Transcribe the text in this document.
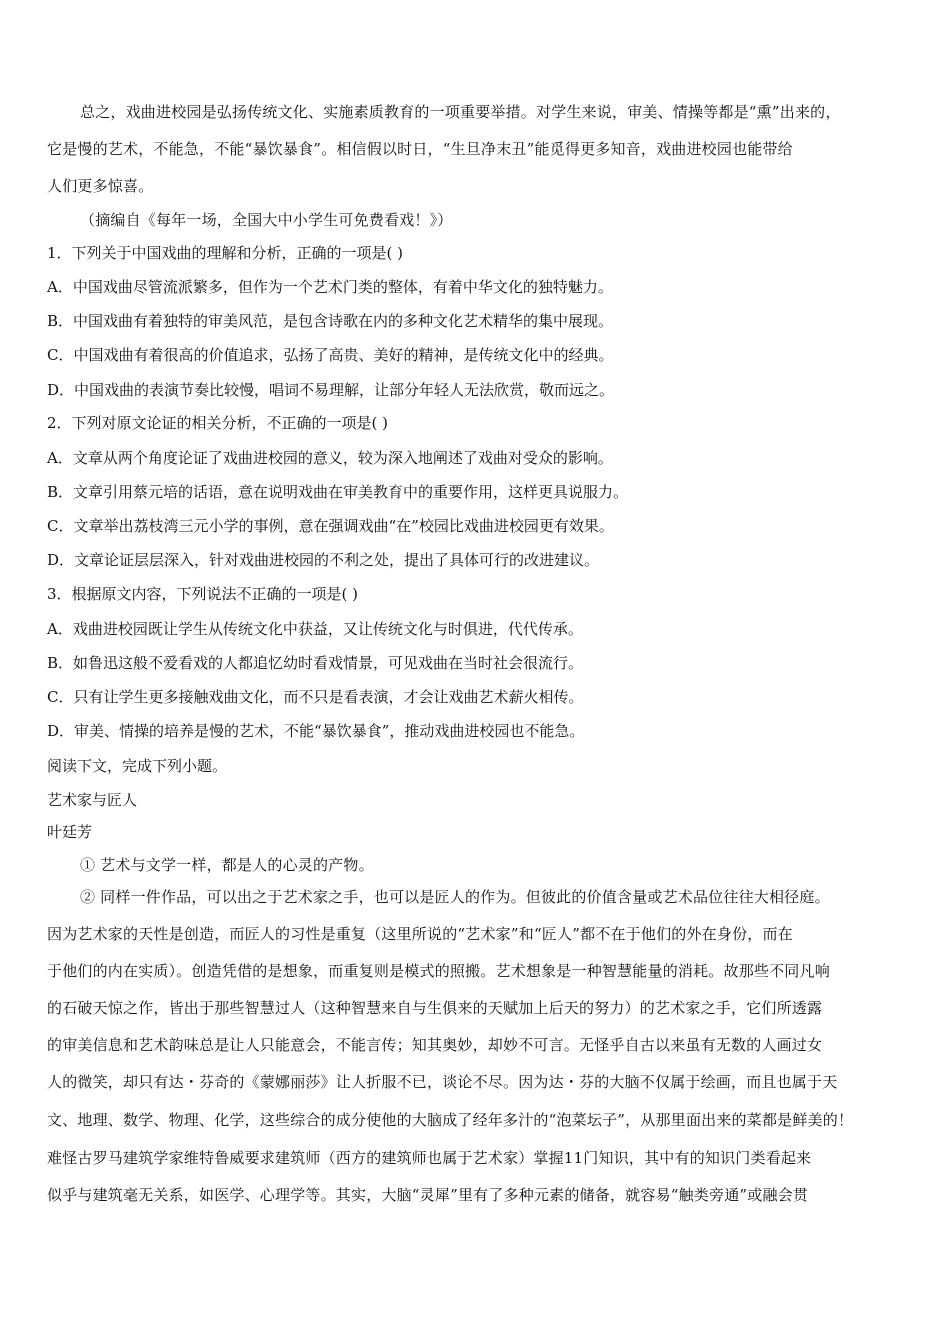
总之，戏曲进校园是弘扬传统文化、实施素质教育的一项重要举措。对学生来说，审美、情操等都是“熏”出来的，
它是慢的艺术，不能急，不能“暴饮暴食”。相信假以时日，“生旦净末丑”能觅得更多知音，戏曲进校园也能带给
人们更多惊喜。
（摘编自《每年一场，全国大中小学生可免费看戏！》）
1．下列关于中国戏曲的理解和分析，正确的一项是( )
A．中国戏曲尽管流派繁多，但作为一个艺术门类的整体，有着中华文化的独特魅力。
B．中国戏曲有着独特的审美风范，是包含诗歌在内的多种文化艺术精华的集中展现。
C．中国戏曲有着很高的价值追求，弘扬了高贵、美好的精神，是传统文化中的经典。
D．中国戏曲的表演节奏比较慢，唱词不易理解，让部分年轻人无法欣赏，敬而远之。
2．下列对原文论证的相关分析，不正确的一项是( )
A．文章从两个角度论证了戏曲进校园的意义，较为深入地阐述了戏曲对受众的影响。
B．文章引用蔡元培的话语，意在说明戏曲在审美教育中的重要作用，这样更具说服力。
C．文章举出荔枝湾三元小学的事例，意在强调戏曲“在”校园比戏曲进校园更有效果。
D．文章论证层层深入，针对戏曲进校园的不利之处，提出了具体可行的改进建议。
3．根据原文内容，下列说法不正确的一项是( )
A．戏曲进校园既让学生从传统文化中获益，又让传统文化与时俱进，代代传承。
B．如鲁迅这般不爱看戏的人都追忆幼时看戏情景，可见戏曲在当时社会很流行。
C．只有让学生更多接触戏曲文化，而不只是看表演，才会让戏曲艺术薪火相传。
D．审美、情操的培养是慢的艺术，不能“暴饮暴食”，推动戏曲进校园也不能急。
阅读下文，完成下列小题。
艺术家与匠人
叶廷芳
① 艺术与文学一样，都是人的心灵的产物。
② 同样一件作品，可以出之于艺术家之手，也可以是匠人的作为。但彼此的价值含量或艺术品位往往大相径庭。
因为艺术家的天性是创造，而匠人的习性是重复（这里所说的“艺术家”和“匠人”都不在于他们的外在身份，而在
于他们的内在实质）。创造凭借的是想象，而重复则是模式的照搬。艺术想象是一种智慧能量的消耗。故那些不同凡响
的石破天惊之作，皆出于那些智慧过人（这种智慧来自与生俱来的天赋加上后天的努力）的艺术家之手，它们所透露
的审美信息和艺术韵味总是让人只能意会，不能言传；知其奥妙，却妙不可言。无怪乎自古以来虽有无数的人画过女
人的微笑，却只有达・芬奇的《蒙娜丽莎》让人折服不已，谈论不尽。因为达・芬的大脑不仅属于绘画，而且也属于天
文、地理、数学、物理、化学，这些综合的成分使他的大脑成了经年多汁的“泡菜坛子”，从那里面出来的菜都是鲜美的！
难怪古罗马建筑学家维特鲁威要求建筑师（西方的建筑师也属于艺术家）掌握11门知识，其中有的知识门类看起来
似乎与建筑毫无关系，如医学、心理学等。其实，大脑“灵犀”里有了多种元素的储备，就容易“触类旁通”或融会贯
